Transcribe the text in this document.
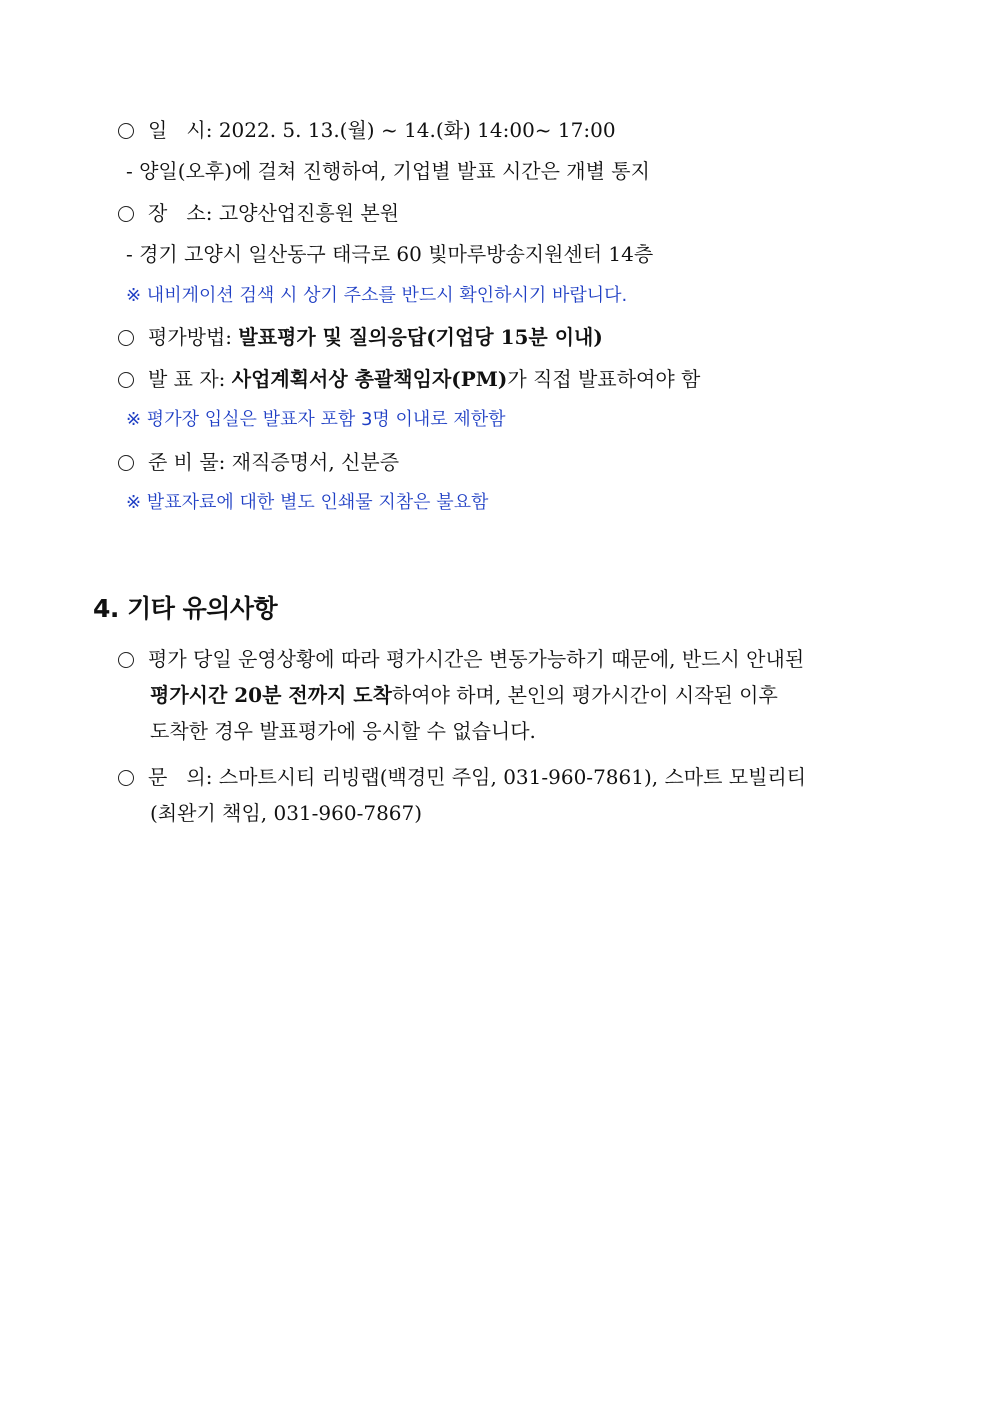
일   시: 2022. 5. 13.(월) ~ 14.(화) 14:00~ 17:00
- 양일(오후)에 걸쳐 진행하여, 기업별 발표 시간은 개별 통지
장   소: 고양산업진흥원 본원
- 경기 고양시 일산동구 태극로 60 빛마루방송지원센터 14층
※ 내비게이션 검색 시 상기 주소를 반드시 확인하시기 바랍니다.
평가방법: 발표평가 및 질의응답(기업당 15분 이내)
발 표 자: 사업계획서상 총괄책임자(PM)가 직접 발표하여야 함
※ 평가장 입실은 발표자 포함 3명 이내로 제한함
준 비 물: 재직증명서, 신분증
※ 발표자료에 대한 별도 인쇄물 지참은 불요함
4. 기타 유의사항
평가 당일 운영상황에 따라 평가시간은 변동가능하기 때문에, 반드시 안내된
평가시간 20분 전까지 도착하여야 하며, 본인의 평가시간이 시작된 이후
도착한 경우 발표평가에 응시할 수 없습니다.
문   의: 스마트시티 리빙랩(백경민 주임, 031-960-7861), 스마트 모빌리티
(최완기 책임, 031-960-7867)
